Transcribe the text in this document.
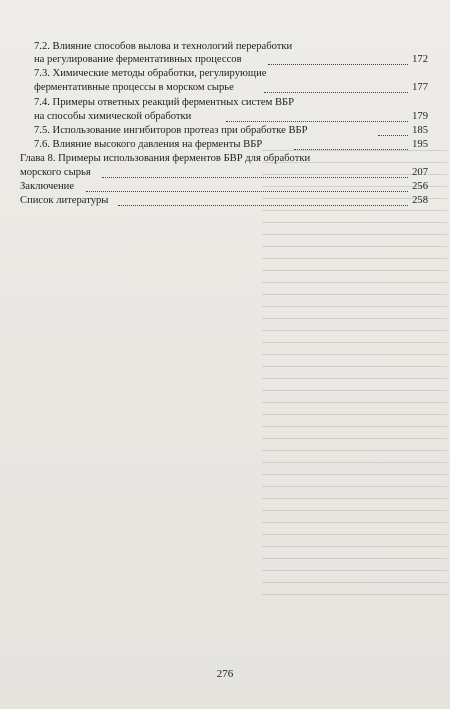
7.2. Влияние способов вылова и технологий переработки
на регулирование ферментативных процессов	172
7.3. Химические методы обработки, регулирующие
ферментативные процессы в морском сырье	177
7.4. Примеры ответных реакций ферментных систем ВБР
на способы химической обработки	179
7.5. Использование ингибиторов протеаз при обработке ВБР	185
7.6. Влияние высокого давления на ферменты ВБР	195
Глава 8. Примеры использования ферментов БВР для обработки
морского сырья	207
Заключение	256
Список литературы	258
276
